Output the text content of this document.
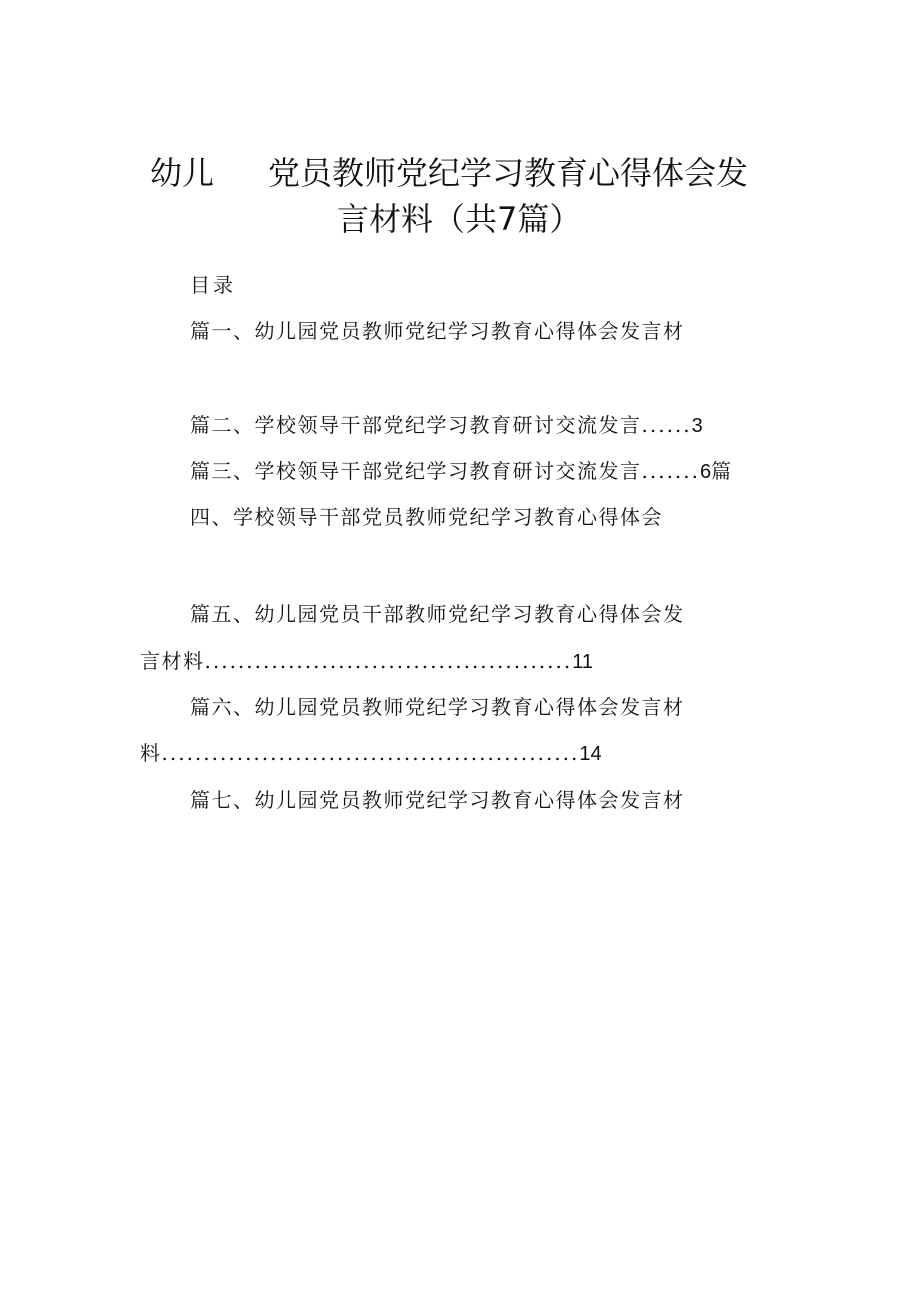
幼儿 党员教师党纪学习教育心得体会发
言材料（共7篇）
目录
篇一、幼儿园党员教师党纪学习教育心得体会发言材
篇二、学校领导干部党纪学习教育研讨交流发言......3
篇三、学校领导干部党纪学习教育研讨交流发言.......6篇
四、学校领导干部党员教师党纪学习教育心得体会
篇五、幼儿园党员干部教师党纪学习教育心得体会发
言材料............................................11
篇六、幼儿园党员教师党纪学习教育心得体会发言材
料..................................................14
篇七、幼儿园党员教师党纪学习教育心得体会发言材
